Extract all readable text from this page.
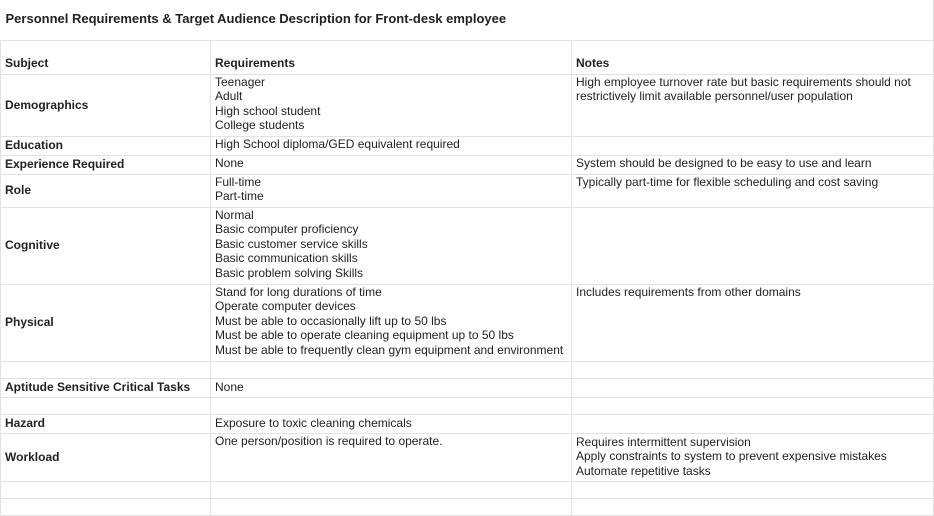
Personnel Requirements & Target Audience Description for Front-desk employee		
Subject	Requirements	Notes
Demographics	Teenager
Adult
High school student
College students	High employee turnover rate but basic requirements should not
restrictively limit available personnel/user population

Education	High School diploma/GED equivalent required	

Experience Required	None	System should be designed to be easy to use and learn

Role	Full-time
Part-time	Typically part-time for flexible scheduling and cost saving

Cognitive	Normal
Basic computer proficiency
Basic customer service skills
Basic communication skills
Basic problem solving Skills	

Physical	Stand for long durations of time
Operate computer devices
Must be able to occasionally lift up to 50 lbs
Must be able to operate cleaning equipment up to 50 lbs
Must be able to frequently clean gym equipment and environment	Includes requirements from other domains

Aptitude Sensitive Critical Tasks	None	

Hazard	Exposure to toxic cleaning chemicals	

Workload	One person/position is required to operate.	Requires intermittent supervision
Apply constraints to system to prevent expensive mistakes
Automate repetitive tasks
